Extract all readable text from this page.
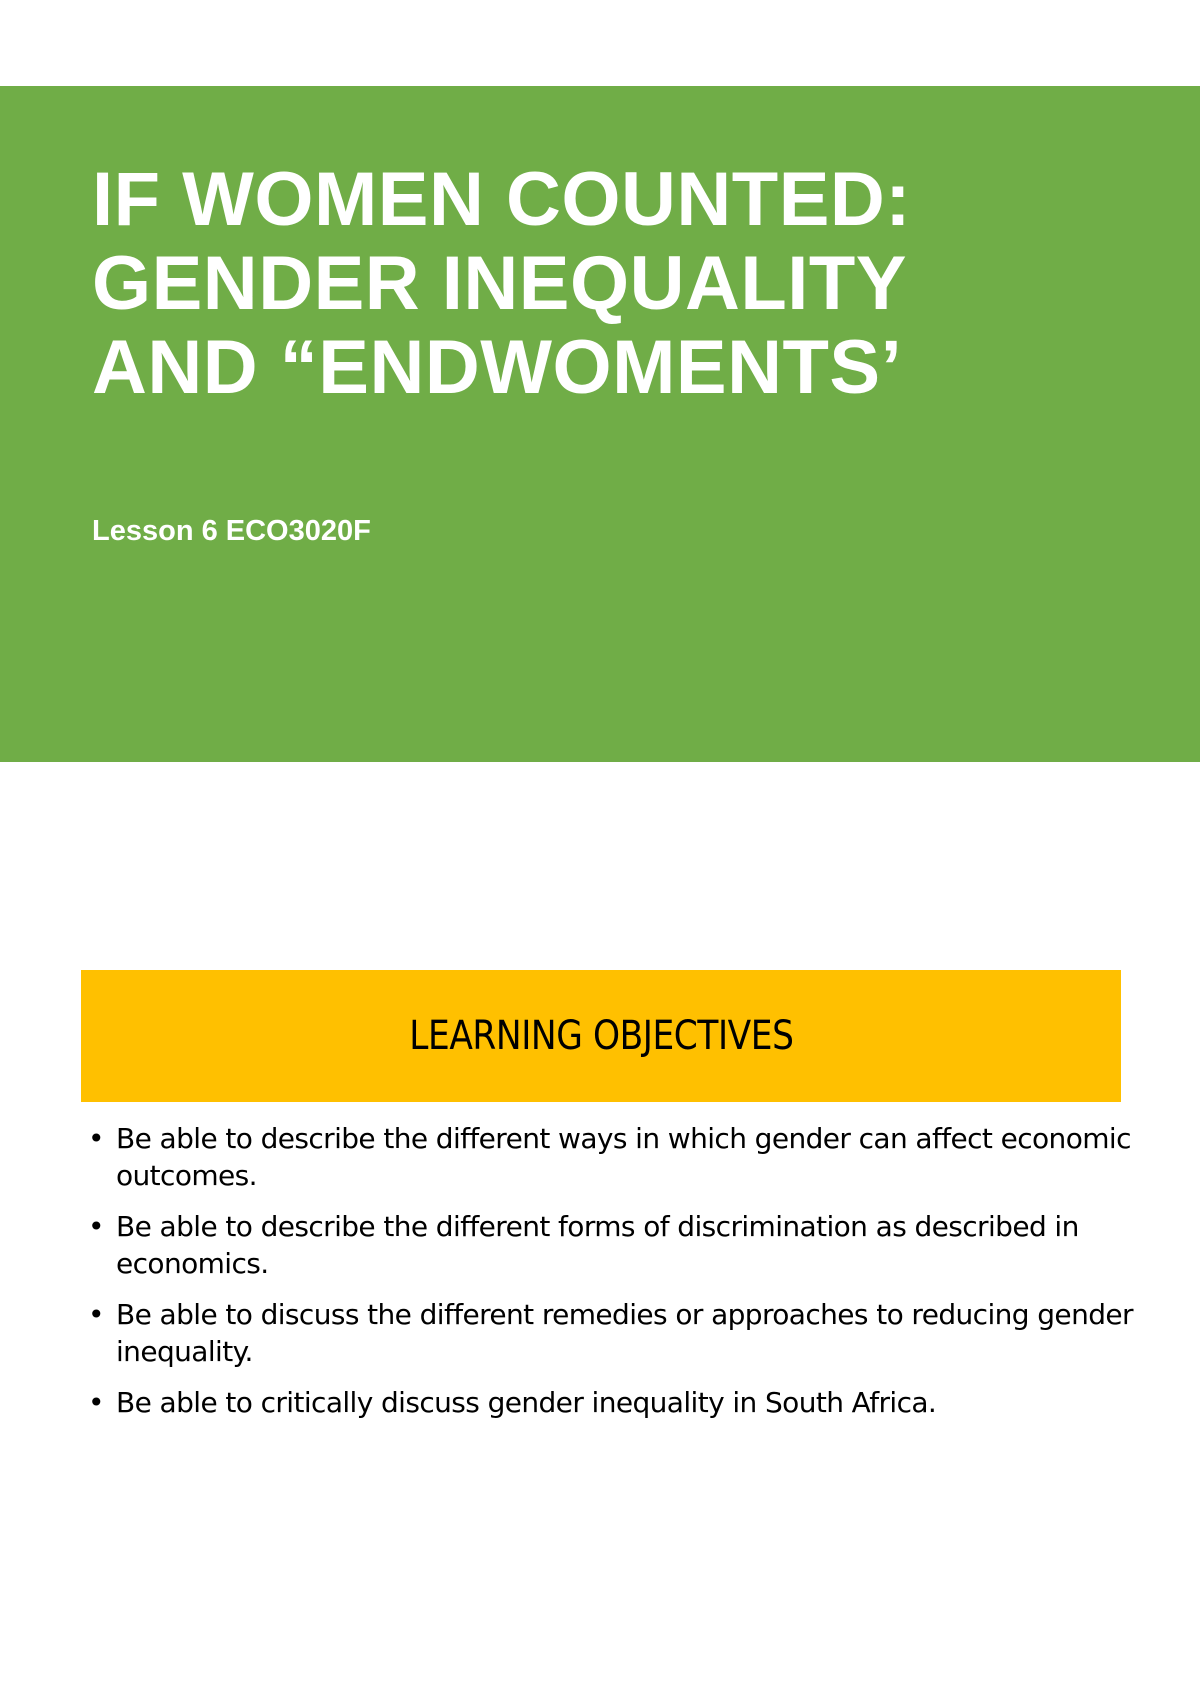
IF WOMEN COUNTED:
GENDER INEQUALITY
AND “ENDWOMENTS’

Lesson 6 ECO3020F

LEARNING OBJECTIVES
• Be able to describe the different ways in which gender can affect economic outcomes.
• Be able to describe the different forms of discrimination as described in economics.
• Be able to discuss the different remedies or approaches to reducing gender inequality.
• Be able to critically discuss gender inequality in South Africa.
